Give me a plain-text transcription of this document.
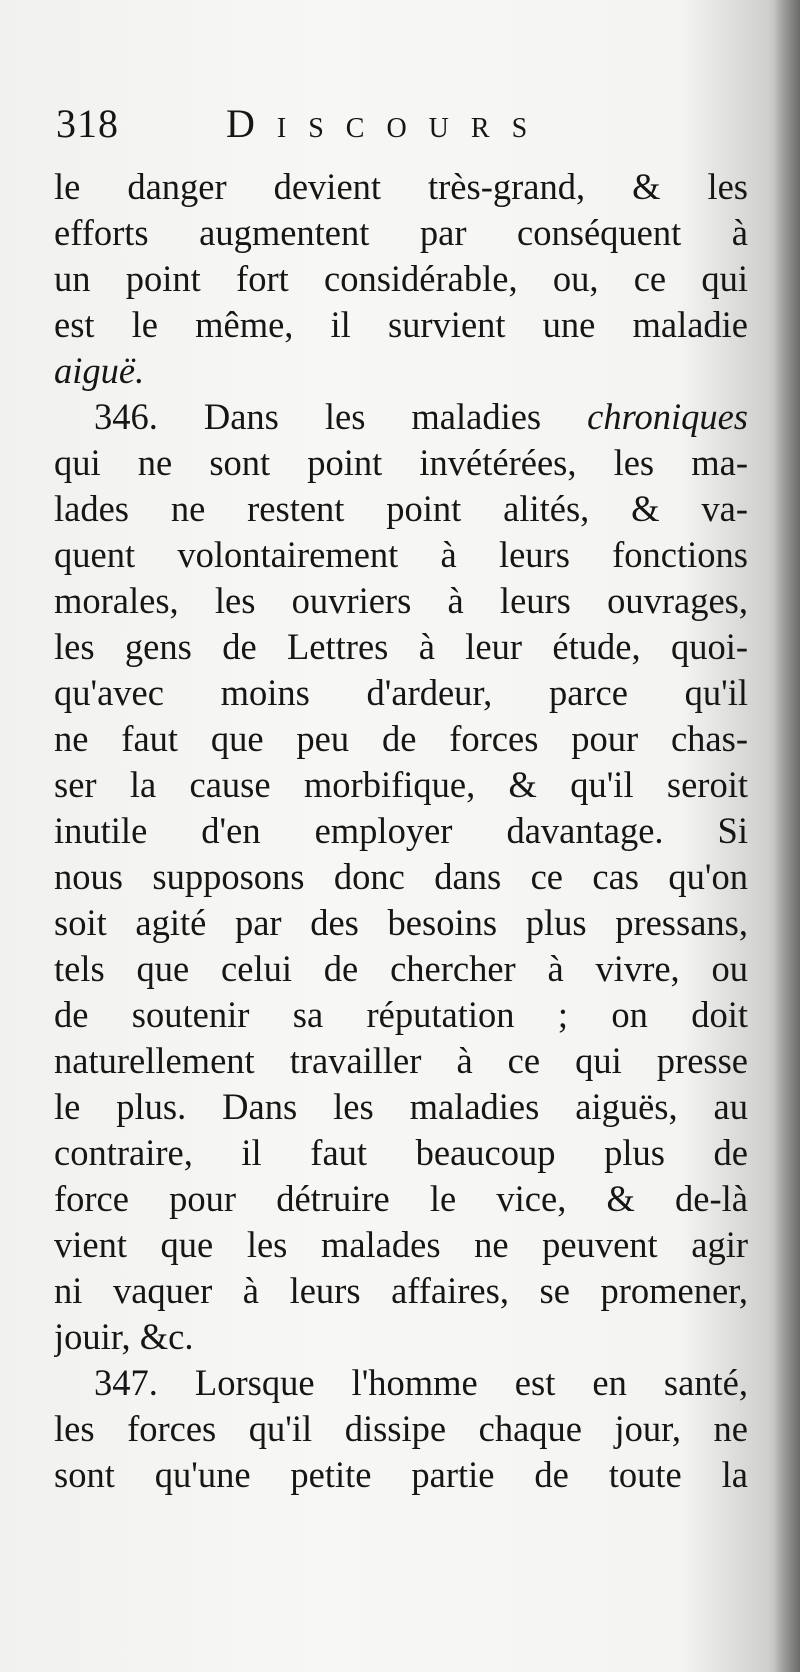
318	Discours
le danger devient très-grand, & les
efforts augmentent par conséquent à
un point fort considérable, ou, ce qui
est le même, il survient une maladie
aiguë.
346. Dans les maladies chroniques
qui ne sont point invétérées, les ma-
lades ne restent point alités, & va-
quent volontairement à leurs fonctions
morales, les ouvriers à leurs ouvrages,
les gens de Lettres à leur étude, quoi-
qu'avec moins d'ardeur, parce qu'il
ne faut que peu de forces pour chas-
ser la cause morbifique, & qu'il seroit
inutile d'en employer davantage. Si
nous supposons donc dans ce cas qu'on
soit agité par des besoins plus pressans,
tels que celui de chercher à vivre, ou
de soutenir sa réputation ; on doit
naturellement travailler à ce qui presse
le plus. Dans les maladies aiguës, au
contraire, il faut beaucoup plus de
force pour détruire le vice, & de-là
vient que les malades ne peuvent agir
ni vaquer à leurs affaires, se promener,
jouir, &c.
347. Lorsque l'homme est en santé,
les forces qu'il dissipe chaque jour, ne
sont qu'une petite partie de toute la
